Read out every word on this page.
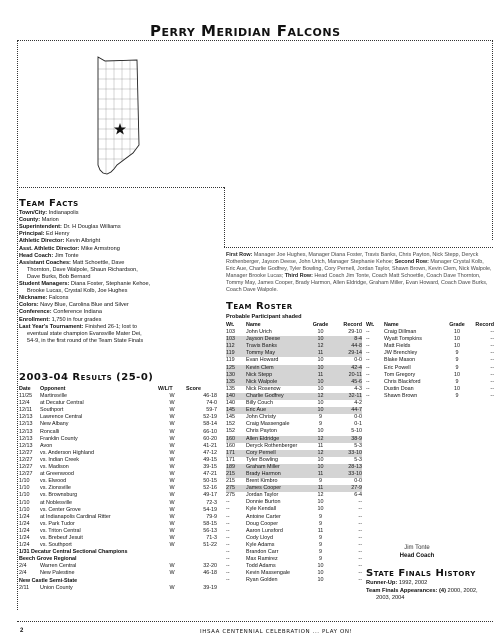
Perry Meridian Falcons
Team Facts
Town/City: Indianapolis
County: Marion
Superintendent: Dr. H Douglas Williams
Principal: Ed Henry
Athletic Director: Kevin Albright
Asst. Athletic Director: Mike Armstrong
Head Coach: Jim Tonte
Assistant Coaches: Matt Schoettle, Dave
Thornton, Dave Walpole, Shaun Richardson,
Dave Burks, Bob Bernard
Student Managers: Diana Foster, Stephanie Kehoe,
Brooke Lucas, Crystal Kolb, Joe Hughes
Nickname: Falcons
Colors: Navy Blue, Carolina Blue and Silver
Conference: Conference Indiana
Enrollment: 1,750 in four grades
Last Year's Tournament: Finished 26-1; lost to
eventual state champion Evansville Mater Dei,
54-9, in the first round of the Team State Finals
2003-04 Results (25-0)
Date	Opponent	W/L/T	Score
11/25	Martinsville	W	46-18
12/4	at Decatur Central	W	74-0
12/11	Southport	W	59-7
12/13	Lawrence Central	W	52-19
12/13	New Albany	W	58-14
12/13	Roncalli	W	66-10
12/13	Franklin County	W	60-20
12/13	Avon	W	41-21
12/27	vs. Anderson Highland	W	47-12
12/27	vs. Indian Creek	W	49-15
12/27	vs. Madison	W	39-15
12/27	at Greenwood	W	47-21
1/10	vs. Elwood	W	50-15
1/10	vs. Zionsville	W	52-16
1/10	vs. Brownsburg	W	49-17
1/10	at Noblesville	W	72-3
1/10	vs. Center Grove	W	54-19
1/24	at Indianapolis Cardinal Ritter	W	79-9
1/24	vs. Park Tudor	W	58-15
1/24	vs. Triton Central	W	56-13
1/24	vs. Brebeuf Jesuit	W	71-3
1/24	vs. Southport	W	51-22
1/31 Decatur Central Sectional Champions			
Beech Grove Regional			
2/4	Warren Central	W	32-20
2/4	New Palestine	W	46-18
New Castle Semi-State			
2/11	Union County	W	39-19
First Row: Manager Joe Hughes, Manager Diana Foster, Travis Banks, Chris Payton, Nick Stepp, Deryck Rothenberger, Jayson Deese, John Urich, Manager Stephanie Kehoe; Second Row: Manager Crystal Kolb, Eric Aue, Charlie Godfrey, Tyler Bowling, Cory Pernell, Jordan Taylor, Shawn Brown, Kevin Clem, Nick Walpole, Manager Brooke Lucas; Third Row: Head Coach Jim Tonte, Coach Matt Schoettle, Coach Dave Thornton, Tommy May, James Cooper, Brady Harmon, Allen Eldridge, Graham Miller, Evan Howard, Coach Dave Burks, Coach Dave Walpole.
Team Roster
Probable Participant shaded
Wt.	Name	Grade	Record
103	John Urich	10	29-10
103	Jayson Deese	10	8-4
112	Travis Banks	12	44-8
119	Tommy May	11	29-14
119	Evan Howard	10	0-0
125	Kevin Clem	10	42-4
130	Nick Stepp	11	20-11
135	Nick Walpole	10	45-6
135	Nick Rosenow	10	4-3
140	Charlie Godfrey	12	32-11
140	Billy Couch	10	4-2
145	Eric Aue	10	44-7
145	John Christy	9	0-0
152	Craig Massengale	9	0-1
152	Chris Payton	10	5-10
160	Allen Eldridge	12	38-9
160	Deryck Rothenberger	11	5-3
171	Cory Pernell	12	33-10
171	Tyler Bowling	10	5-3
189	Graham Miller	10	28-13
215	Brady Harmon	11	33-10
215	Brent Kimbro	9	0-0
275	James Cooper	11	27-9
275	Jordan Taylor	12	6-4
--	Donnie Burton	10	--
--	Kyle Kendall	10	--
--	Antoine Carter	9	--
--	Doug Cooper	9	--
--	Aaron Lunsford	11	--
--	Cody Lloyd	9	--
--	Kyle Adams	9	--
--	Brandon Carr	9	--
--	Max Ramirez	9	--
--	Todd Adams	10	--
--	Kevin Massengale	10	--
--	Ryan Golden	10	--
Wt.	Name	Grade	Record
--	Craig Dillman	10	--
--	Wyatt Tompkins	10	--
--	Matt Fields	10	--
--	JW Brenchley	9	--
--	Blake Mason	9	--
--	Eric Powell	9	--
--	Tom Gregory	10	--
--	Chris Blackford	9	--
--	Dustin Doan	10	--
--	Shawn Brown	9	--
Jim Tonte
Head Coach
State Finals History
Runner-Up: 1992, 2002
Team Finals Appearances: (4) 2000, 2002,
2003, 2004
2	IHSAA CENTENNIAL CELEBRATION ... PLAY ON!
